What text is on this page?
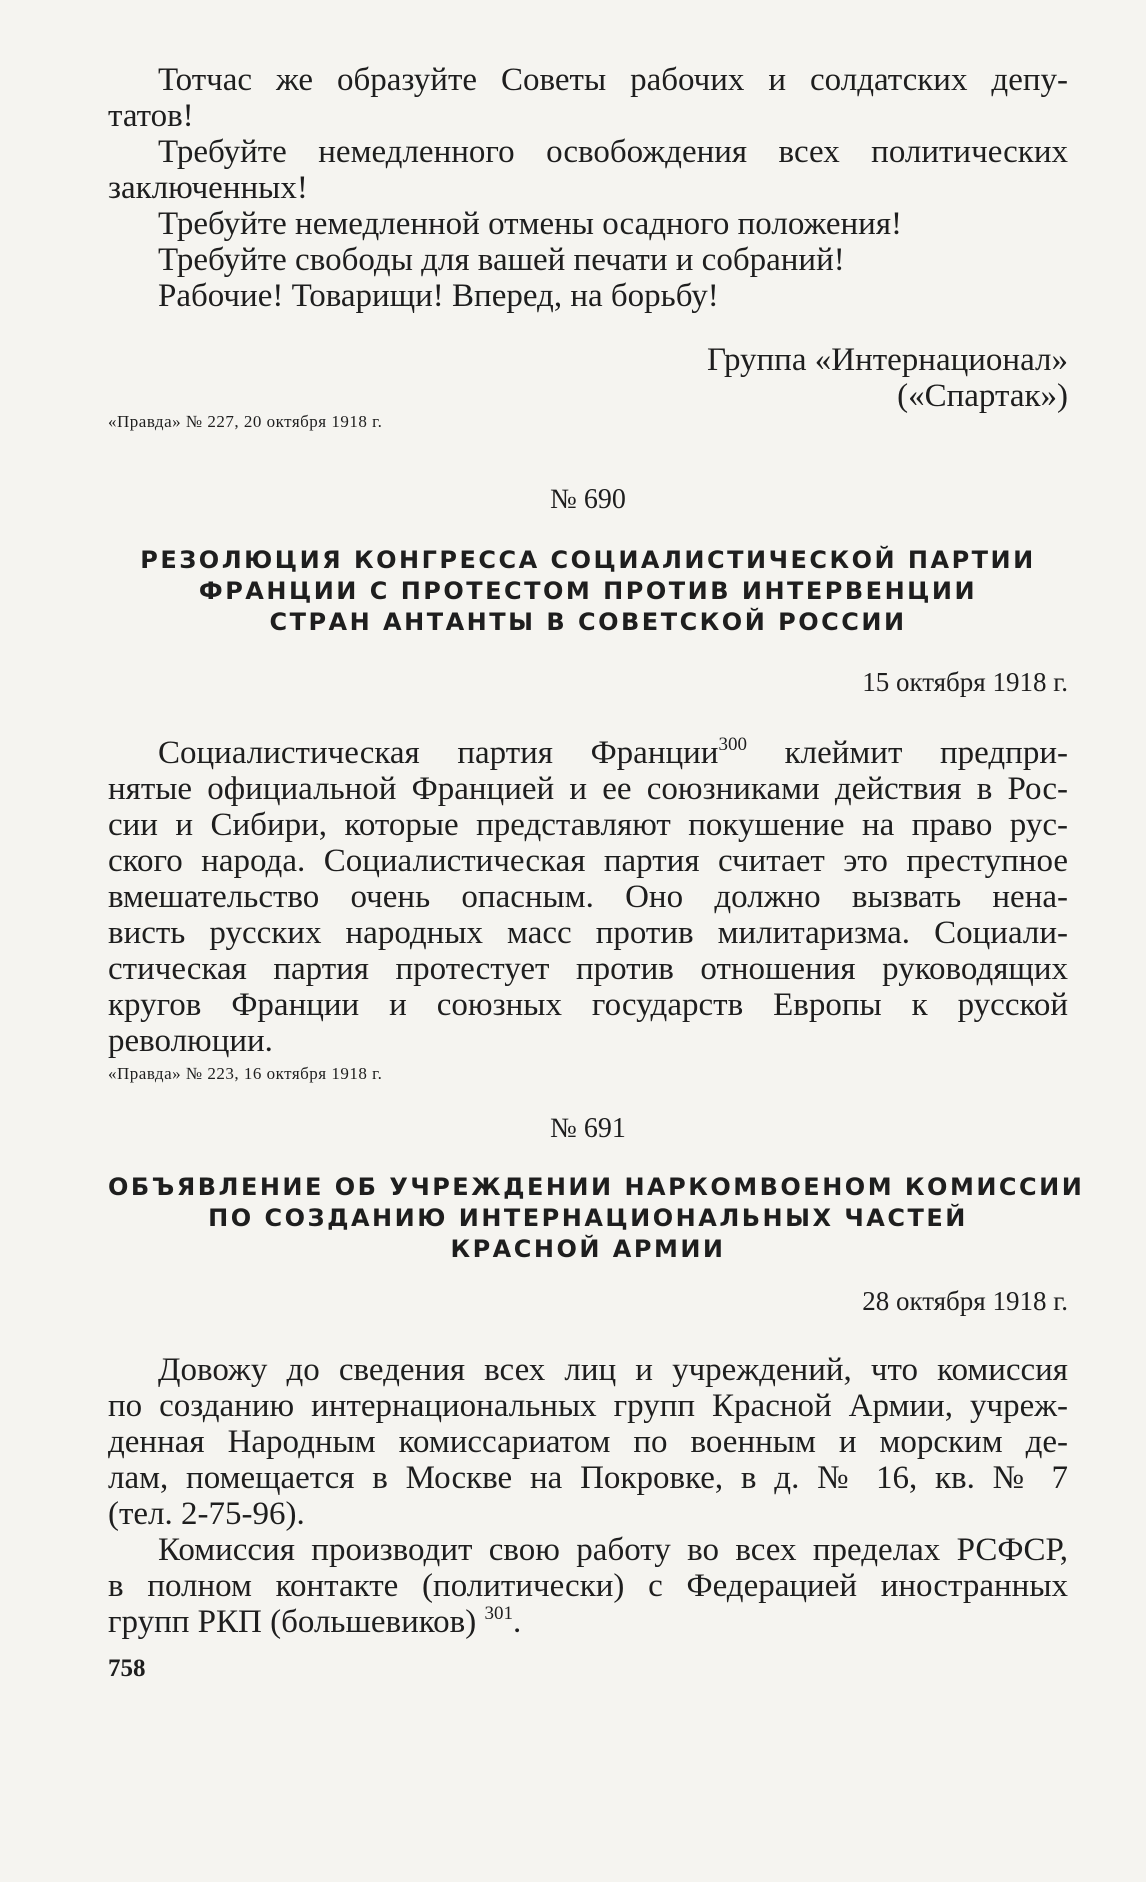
Тотчас же образуйте Советы рабочих и солдатских депу-
татов!
Требуйте немедленного освобождения всех политических
заключенных!
Требуйте немедленной отмены осадного положения!
Требуйте свободы для вашей печати и собраний!
Рабочие! Товарищи! Вперед, на борьбу!
Группа «Интернационал»
(«Спартак»)
«Правда» № 227, 20 октября 1918 г.
№ 690
РЕЗОЛЮЦИЯ КОНГРЕССА СОЦИАЛИСТИЧЕСКОЙ ПАРТИИ
ФРАНЦИИ С ПРОТЕСТОМ ПРОТИВ ИНТЕРВЕНЦИИ
СТРАН АНТАНТЫ В СОВЕТСКОЙ РОССИИ
15 октября 1918 г.
Социалистическая партия Франции$^{300}$ клеймит предпри-
нятые официальной Францией и ее союзниками действия в Рос-
сии и Сибири, которые представляют покушение на право рус-
ского народа. Социалистическая партия считает это преступное
вмешательство очень опасным. Оно должно вызвать нена-
висть русских народных масс против милитаризма. Социали-
стическая партия протестует против отношения руководящих
кругов Франции и союзных государств Европы к русской
революции.
«Правда» № 223, 16 октября 1918 г.
№ 691
ОБЪЯВЛЕНИЕ ОБ УЧРЕЖДЕНИИ НАРКОМВОЕНОМ КОМИССИИ
ПО СОЗДАНИЮ ИНТЕРНАЦИОНАЛЬНЫХ ЧАСТЕЙ
КРАСНОЙ АРМИИ
28 октября 1918 г.
Довожу до сведения всех лиц и учреждений, что комиссия
по созданию интернациональных групп Красной Армии, учреж-
денная Народным комиссариатом по военным и морским де-
лам, помещается в Москве на Покровке, в д. № 16, кв. № 7
(тел. 2-75-96).
Комиссия производит свою работу во всех пределах РСФСР,
в полном контакте (политически) с Федерацией иностранных
групп РКП (большевиков) $^{301}$.
758
